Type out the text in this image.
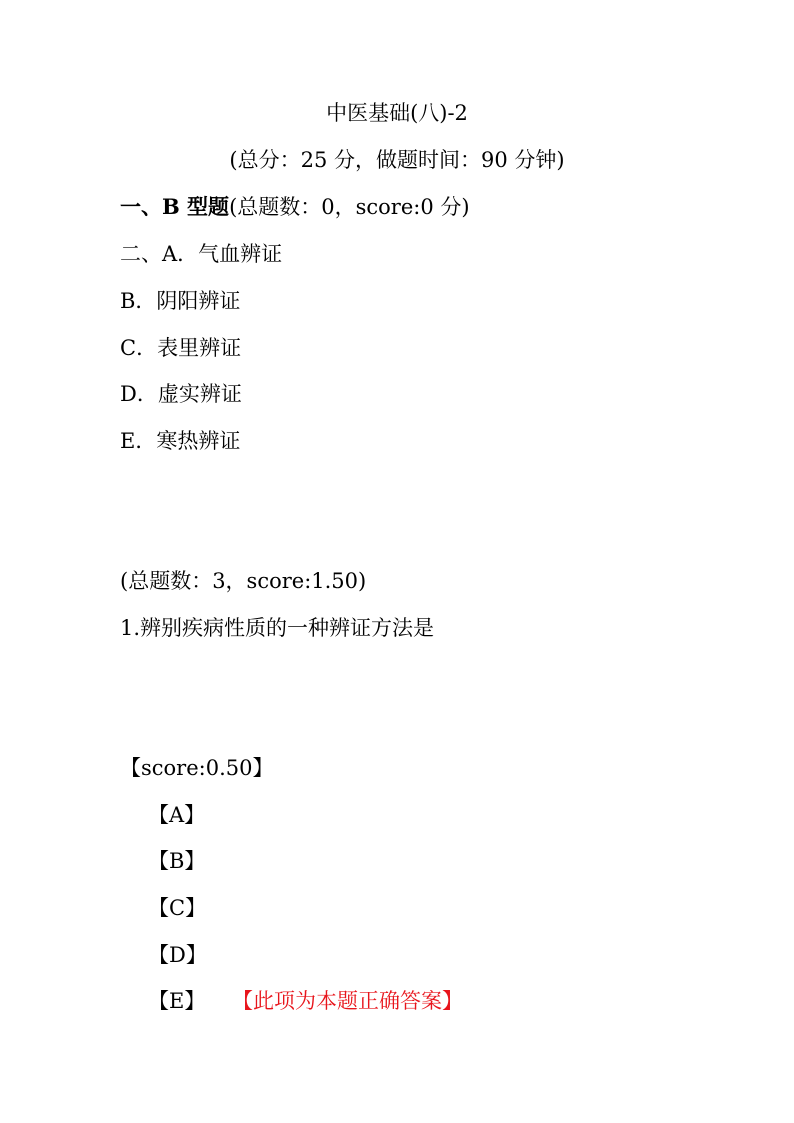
中医基础(八)-2
(总分：25 分，做题时间：90 分钟)
一、B 型题(总题数：0，score:0 分)
二、A．气血辨证
B．阴阳辨证
C．表里辨证
D．虚实辨证
E．寒热辨证
(总题数：3，score:1.50)
1.辨别疾病性质的一种辨证方法是
【score:0.50】
【A】
【B】
【C】
【D】
【E】 【此项为本题正确答案】
